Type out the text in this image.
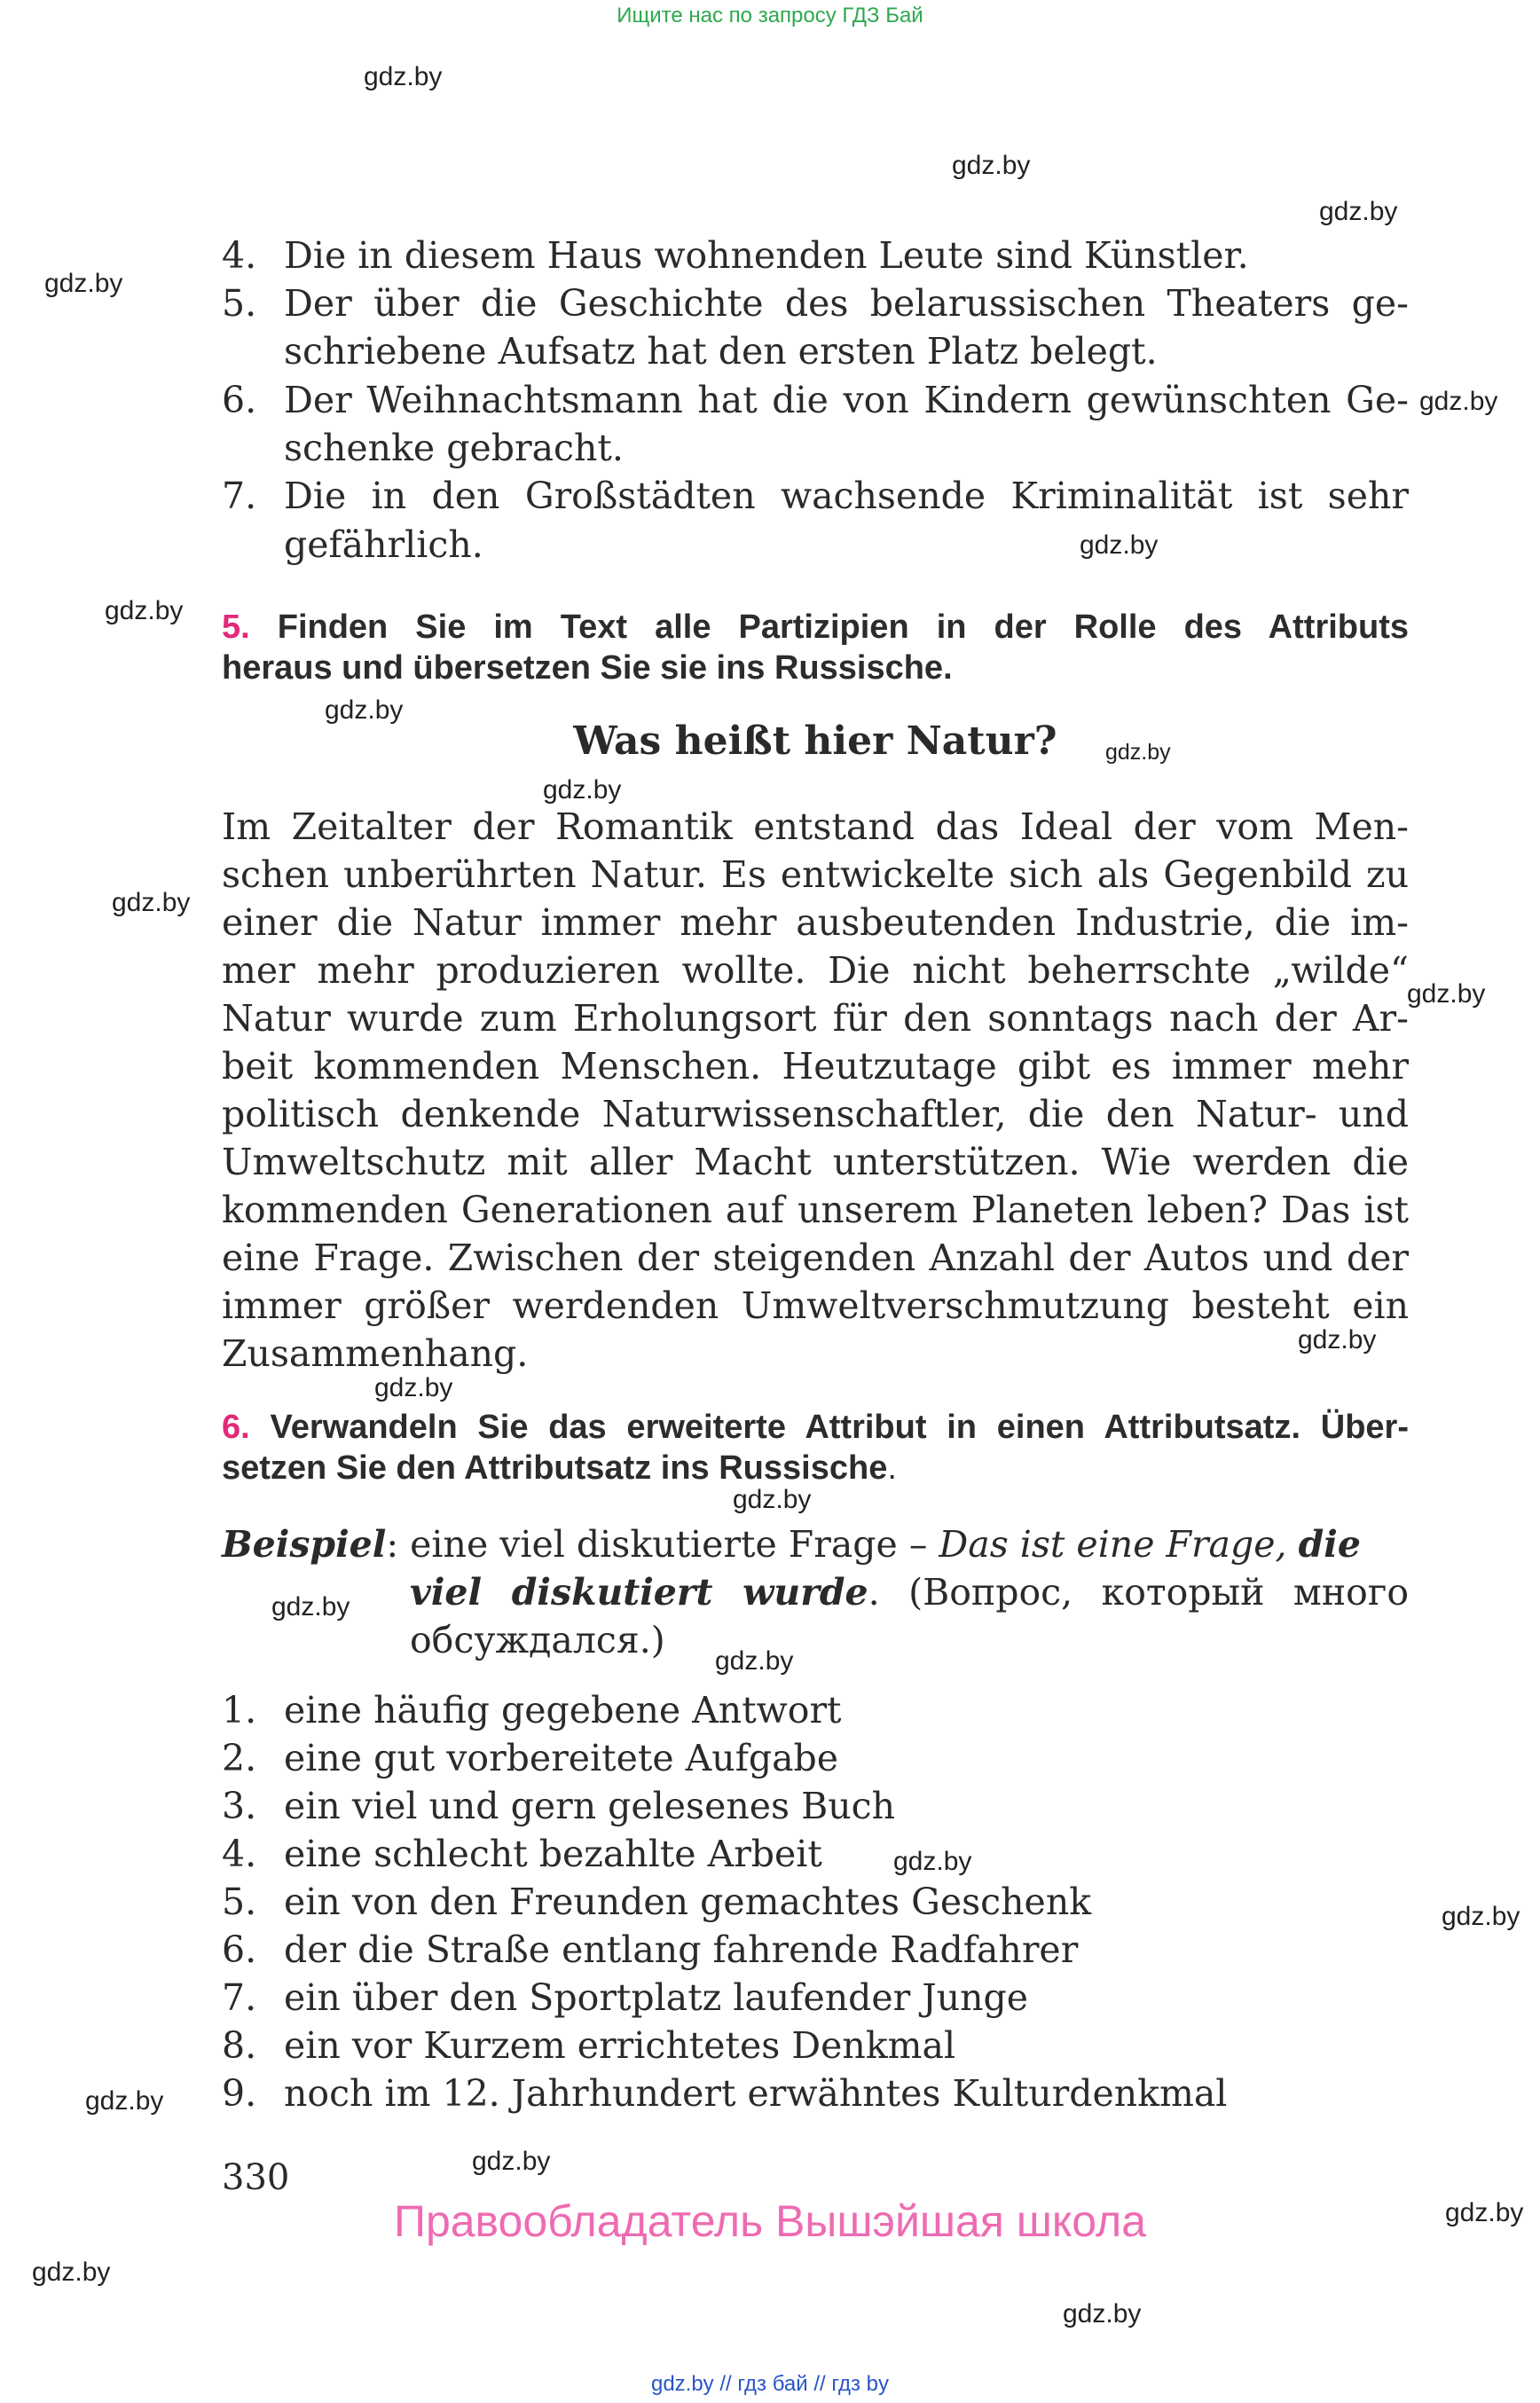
Ищите нас по запросу ГДЗ Бай
gdz.by
gdz.by
gdz.by
gdz.by
gdz.by
gdz.by
gdz.by
gdz.by
gdz.by
gdz.by
gdz.by
gdz.by
gdz.by
gdz.by
gdz.by
gdz.by
gdz.by
gdz.by
gdz.by
gdz.by
gdz.by
gdz.by
gdz.by
gdz.by
4. Die in diesem Haus wohnenden Leute sind Künstler.
5. Der über die Geschichte des belarussischen Theaters ge-
schriebene Aufsatz hat den ersten Platz belegt.
6. Der Weihnachtsmann hat die von Kindern gewünschten Ge-
schenke gebracht.
7. Die in den Großstädten wachsende Kriminalität ist sehr
gefährlich.
5. Finden Sie im Text alle Partizipien in der Rolle des Attributs
heraus und übersetzen Sie sie ins Russische.
Was heißt hier Natur?
Im Zeitalter der Romantik entstand das Ideal der vom Men-
schen unberührten Natur. Es entwickelte sich als Gegenbild zu
einer die Natur immer mehr ausbeutenden Industrie, die im-
mer mehr produzieren wollte. Die nicht beherrschte „wilde“
Natur wurde zum Erholungsort für den sonntags nach der Ar-
beit kommenden Menschen. Heutzutage gibt es immer mehr
politisch denkende Naturwissenschaftler, die den Natur- und
Umweltschutz mit aller Macht unterstützen. Wie werden die
kommenden Generationen auf unserem Planeten leben? Das ist
eine Frage. Zwischen der steigenden Anzahl der Autos und der
immer größer werdenden Umweltverschmutzung besteht ein
Zusammenhang.
6. Verwandeln Sie das erweiterte Attribut in einen Attributsatz. Über-
setzen Sie den Attributsatz ins Russische.
Beispiel: eine viel diskutierte Frage – Das ist eine Frage, die
viel diskutiert wurde. (Вопрос, который много
обсуждался.)
1. eine häufig gegebene Antwort
2. eine gut vorbereitete Aufgabe
3. ein viel und gern gelesenes Buch
4. eine schlecht bezahlte Arbeit
5. ein von den Freunden gemachtes Geschenk
6. der die Straße entlang fahrende Radfahrer
7. ein über den Sportplatz laufender Junge
8. ein vor Kurzem errichtetes Denkmal
9. noch im 12. Jahrhundert erwähntes Kulturdenkmal
330
Правообладатель Вышэйшая школа
gdz.by // гдз бай // гдз by
